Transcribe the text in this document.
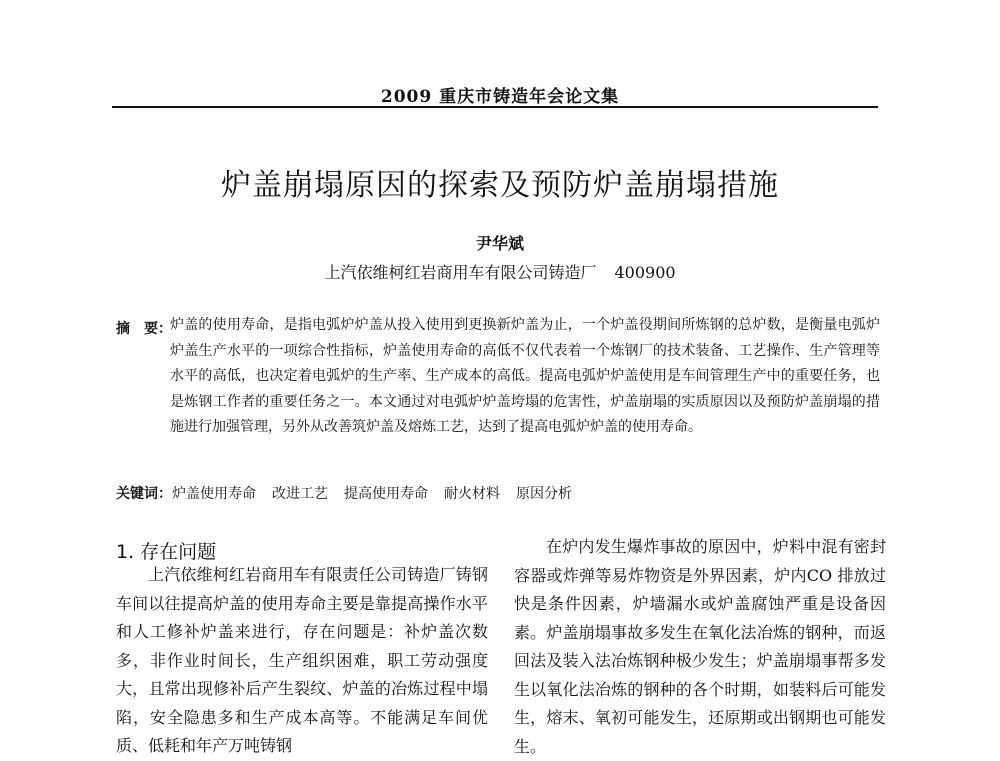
2009 重庆市铸造年会论文集
炉盖崩塌原因的探索及预防炉盖崩塌措施
尹华斌
上汽依维柯红岩商用车有限公司铸造厂 400900
摘　要：
炉盖的使用寿命，是指电弧炉炉盖从投入使用到更换新炉盖为止，一个炉盖役期间所炼钢的总炉数，是衡量电弧炉炉盖生产水平的一项综合性指标，炉盖使用寿命的高低不仅代表着一个炼钢厂的技术装备、工艺操作、生产管理等水平的高低，也决定着电弧炉的生产率、生产成本的高低。提高电弧炉炉盖使用是车间管理生产中的重要任务，也是炼钢工作者的重要任务之一。本文通过对电弧炉炉盖垮塌的危害性，炉盖崩塌的实质原因以及预防炉盖崩塌的措施进行加强管理，另外从改善筑炉盖及熔炼工艺，达到了提高电弧炉炉盖的使用寿命。
关键词：炉盖使用寿命 改进工艺 提高使用寿命 耐火材料 原因分析
1. 存在问题

上汽依维柯红岩商用车有限责任公司铸造厂铸钢车间以往提高炉盖的使用寿命主要是靠提高操作水平和人工修补炉盖来进行，存在问题是：补炉盖次数多，非作业时间长，生产组织困难，职工劳动强度大，且常出现修补后产生裂纹、炉盖的冶炼过程中塌陷，安全隐患多和生产成本高等。不能满足车间优质、低耗和年产万吨铸钢

在炉内发生爆炸事故的原因中，炉料中混有密封容器或炸弹等易炸物资是外界因素，炉内CO 排放过快是条件因素，炉墙漏水或炉盖腐蚀严重是设备因素。炉盖崩塌事故多发生在氧化法冶炼的钢种，而返回法及装入法冶炼钢种极少发生；炉盖崩塌事帮多发生以氧化法冶炼的钢种的各个时期，如装料后可能发生，熔末、氧初可能发生，还原期或出钢期也可能发生。
